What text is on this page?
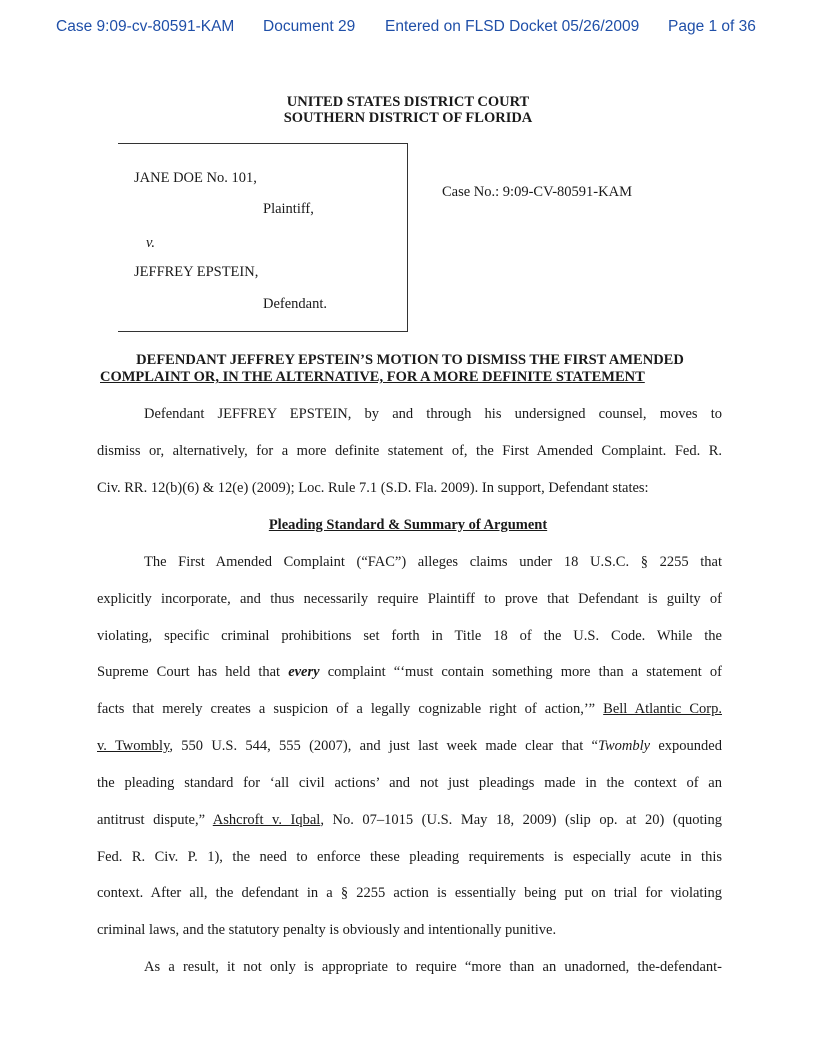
Case 9:09-cv-80591-KAM Document 29 Entered on FLSD Docket 05/26/2009 Page 1 of 36
UNITED STATES DISTRICT COURT
SOUTHERN DISTRICT OF FLORIDA
JANE DOE No. 101,
Plaintiff,
v.
JEFFREY EPSTEIN,
Defendant.
Case No.: 9:09-CV-80591-KAM
DEFENDANT JEFFREY EPSTEIN’S MOTION TO DISMISS THE FIRST AMENDED
COMPLAINT OR, IN THE ALTERNATIVE, FOR A MORE DEFINITE STATEMENT
Defendant JEFFREY EPSTEIN, by and through his undersigned counsel, moves to
dismiss or, alternatively, for a more definite statement of, the First Amended Complaint. Fed. R.
Civ. RR. 12(b)(6) & 12(e) (2009); Loc. Rule 7.1 (S.D. Fla. 2009). In support, Defendant states:
Pleading Standard & Summary of Argument
The First Amended Complaint (“FAC”) alleges claims under 18 U.S.C. § 2255 that
explicitly incorporate, and thus necessarily require Plaintiff to prove that Defendant is guilty of
violating, specific criminal prohibitions set forth in Title 18 of the U.S. Code. While the
Supreme Court has held that every complaint “‘must contain something more than a statement of
facts that merely creates a suspicion of a legally cognizable right of action,’” Bell Atlantic Corp.
v. Twombly, 550 U.S. 544, 555 (2007), and just last week made clear that “Twombly expounded
the pleading standard for ‘all civil actions’ and not just pleadings made in the context of an
antitrust dispute,” Ashcroft v. Iqbal, No. 07–1015 (U.S. May 18, 2009) (slip op. at 20) (quoting
Fed. R. Civ. P. 1), the need to enforce these pleading requirements is especially acute in this
context. After all, the defendant in a § 2255 action is essentially being put on trial for violating
criminal laws, and the statutory penalty is obviously and intentionally punitive.
As a result, it not only is appropriate to require “more than an unadorned, the-defendant-
